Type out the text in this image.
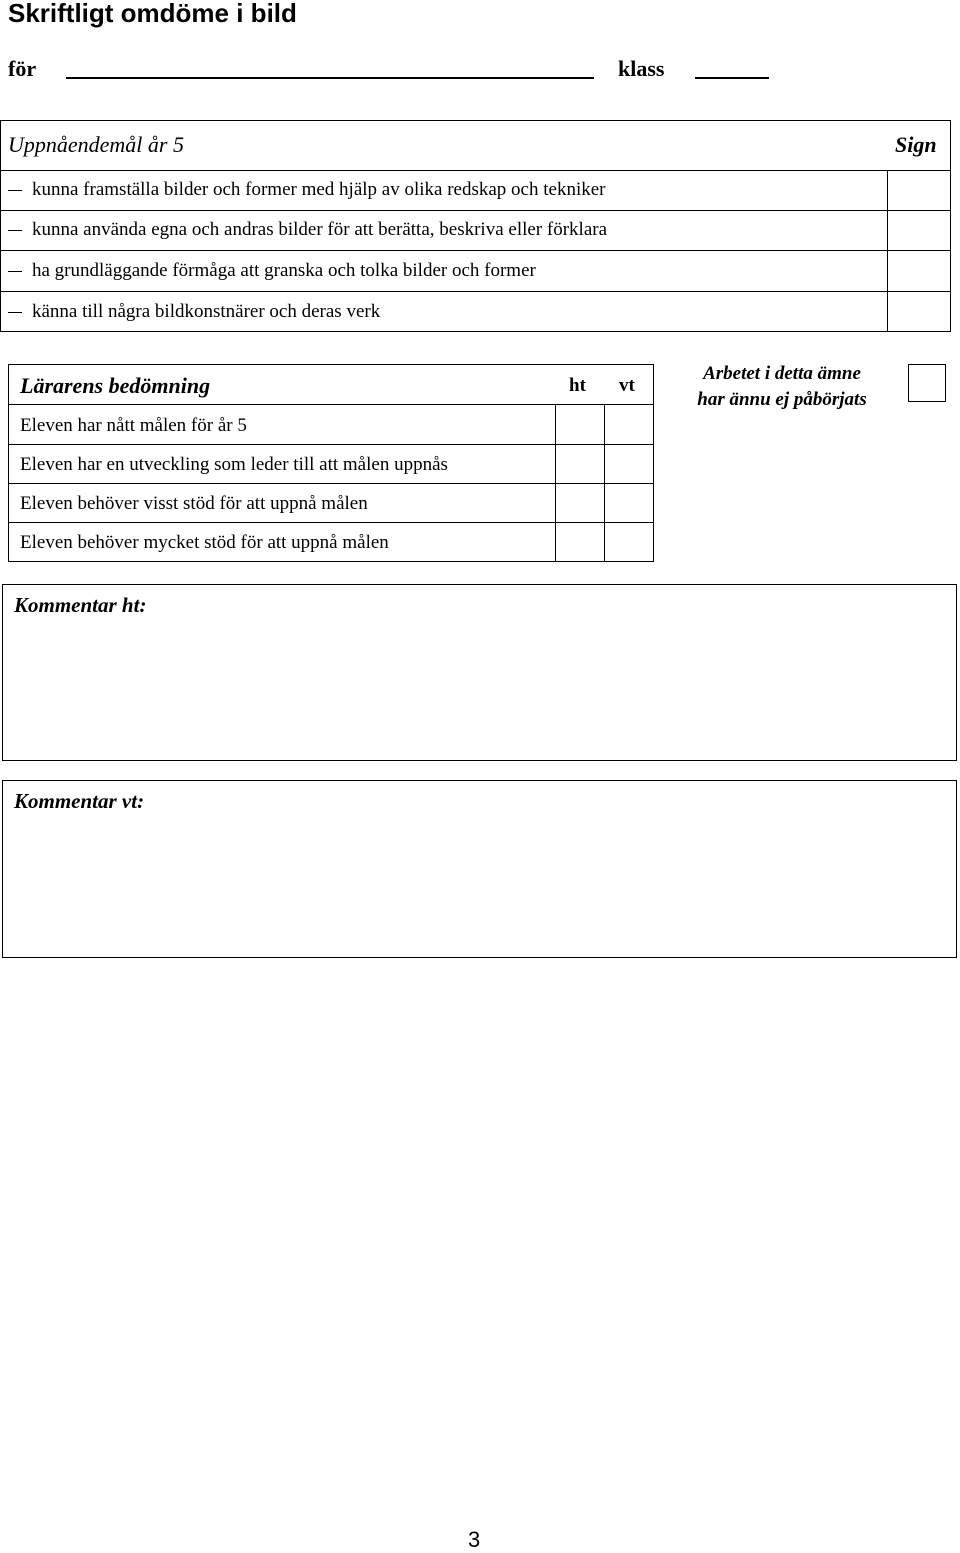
Skriftligt omdöme i bild
för	klass
Uppnåendemål år 5	Sign
kunna framställa bilder och former med hjälp av olika redskap och tekniker
kunna använda egna och andras bilder för att berätta, beskriva eller förklara
ha grundläggande förmåga att granska och tolka bilder och former
känna till några bildkonstnärer och deras verk
Lärarens bedömning	ht vt
Eleven har nått målen för år 5
Eleven har en utveckling som leder till att målen uppnås
Eleven behöver visst stöd för att uppnå målen
Eleven behöver mycket stöd för att uppnå målen
Arbetet i detta ämne
har ännu ej påbörjats
Kommentar ht:
Kommentar vt:
3
